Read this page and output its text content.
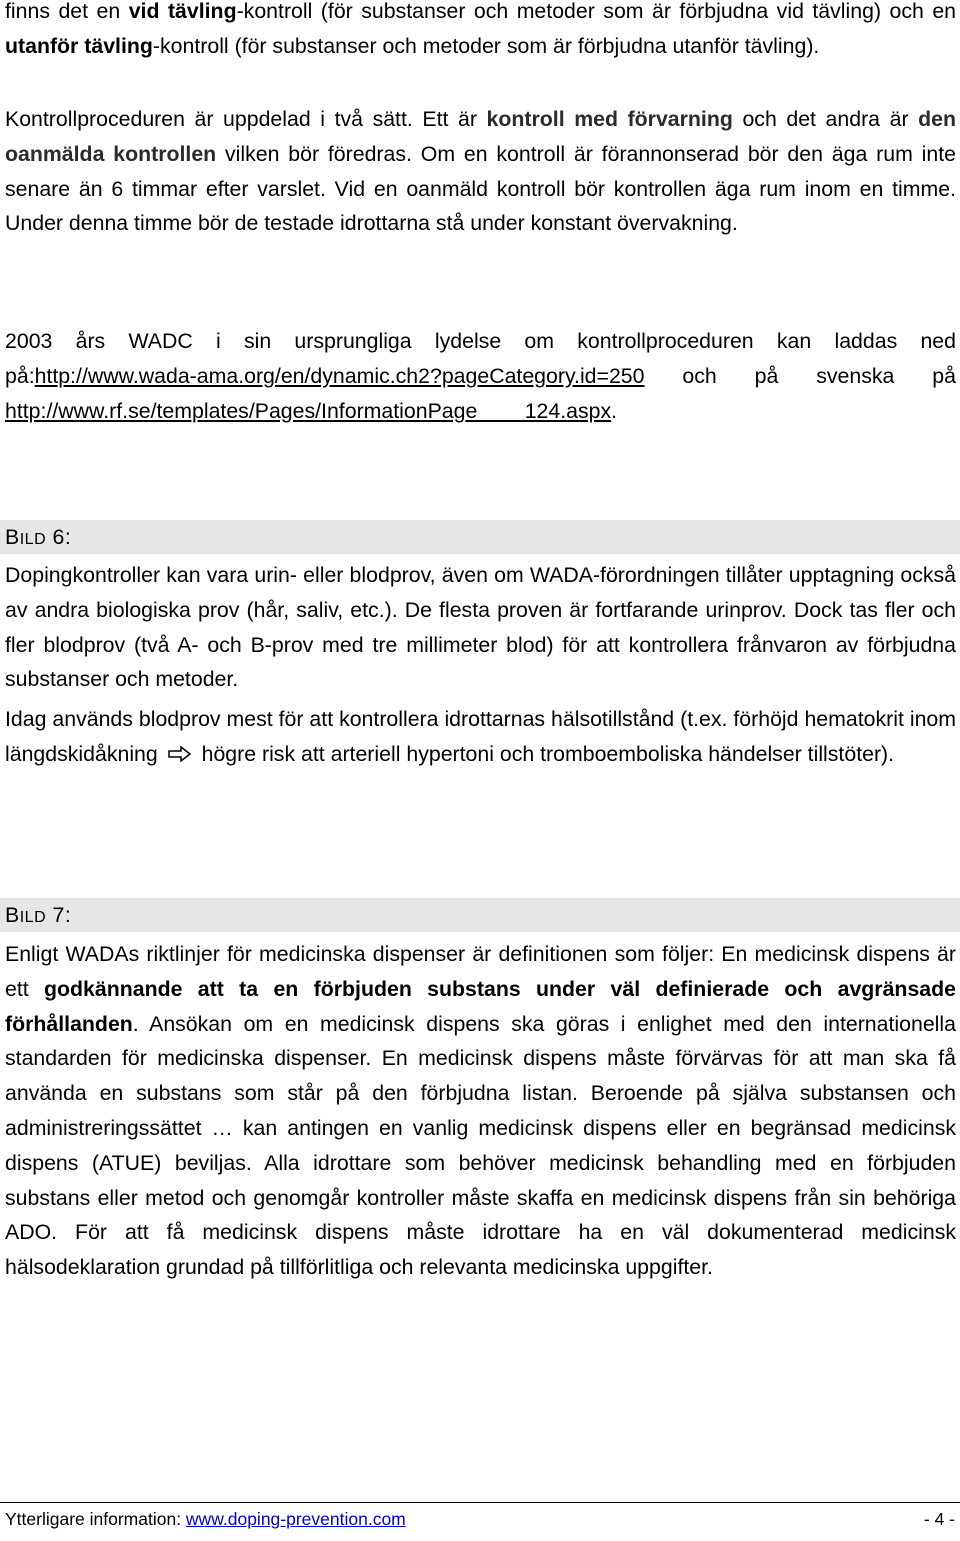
finns det en vid tävling-kontroll (för substanser och metoder som är förbjudna vid tävling) och en utanför tävling-kontroll (för substanser och metoder som är förbjudna utanför tävling).

Kontrollproceduren är uppdelad i två sätt. Ett är kontroll med förvarning och det andra är den oanmälda kontrollen vilken bör föredras. Om en kontroll är förannonserad bör den äga rum inte senare än 6 timmar efter varslet. Vid en oanmäld kontroll bör kontrollen äga rum inom en timme. Under denna timme bör de testade idrottarna stå under konstant övervakning.

2003 års WADC i sin ursprungliga lydelse om kontrollproceduren kan laddas ned på:http://www.wada-ama.org/en/dynamic.ch2?pageCategory.id=250 och på svenska på http://www.rf.se/templates/Pages/InformationPage____124.aspx.

BILD 6:

Dopingkontroller kan vara urin- eller blodprov, även om WADA-förordningen tillåter upptagning också av andra biologiska prov (hår, saliv, etc.). De flesta proven är fortfarande urinprov. Dock tas fler och fler blodprov (två A- och B-prov med tre millimeter blod) för att kontrollera frånvaron av förbjudna substanser och metoder.

Idag används blodprov mest för att kontrollera idrottarnas hälsotillstånd (t.ex. förhöjd hematokrit inom längdskidåkning högre risk att arteriell hypertoni och tromboemboliska händelser tillstöter).

BILD 7:

Enligt WADAs riktlinjer för medicinska dispenser är definitionen som följer: En medicinsk dispens är ett godkännande att ta en förbjuden substans under väl definierade och avgränsade förhållanden. Ansökan om en medicinsk dispens ska göras i enlighet med den internationella standarden för medicinska dispenser. En medicinsk dispens måste förvärvas för att man ska få använda en substans som står på den förbjudna listan. Beroende på själva substansen och administreringssättet … kan antingen en vanlig medicinsk dispens eller en begränsad medicinsk dispens (ATUE) beviljas. Alla idrottare som behöver medicinsk behandling med en förbjuden substans eller metod och genomgår kontroller måste skaffa en medicinsk dispens från sin behöriga ADO. För att få medicinsk dispens måste idrottare ha en väl dokumenterad medicinsk hälsodeklaration grundad på tillförlitliga och relevanta medicinska uppgifter.

Ytterligare information: www.doping-prevention.com	- 4 -
